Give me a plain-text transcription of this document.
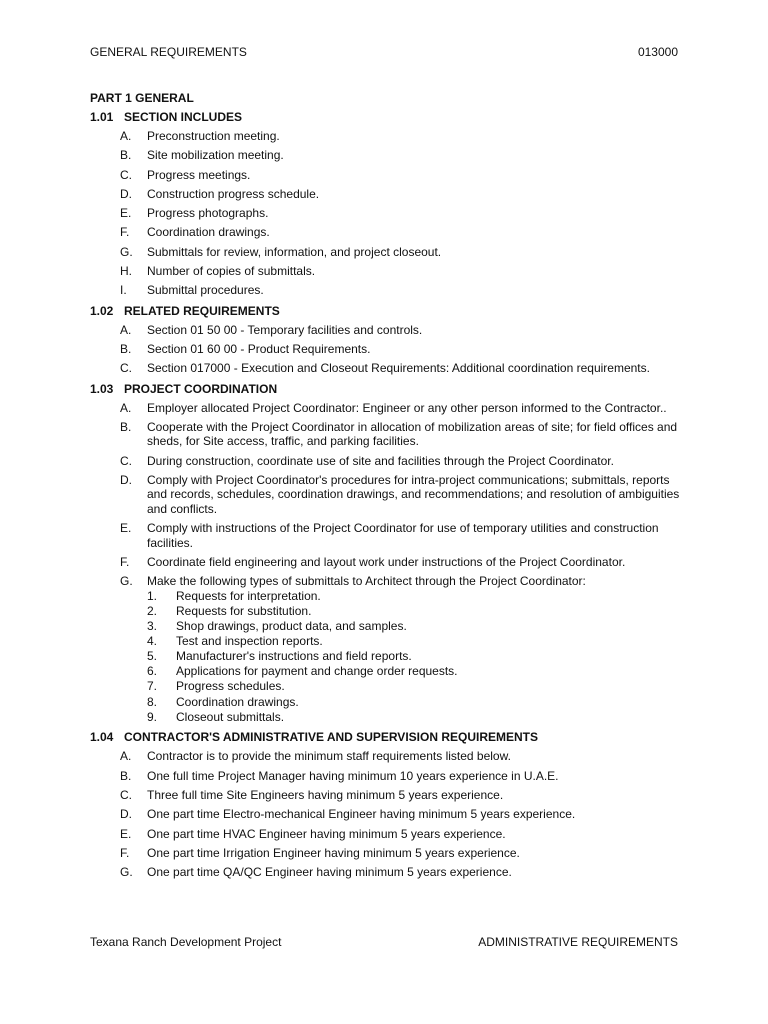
GENERAL REQUIREMENTS	013000
PART 1 GENERAL
1.01 SECTION INCLUDES
A. Preconstruction meeting.
B. Site mobilization meeting.
C. Progress meetings.
D. Construction progress schedule.
E. Progress photographs.
F. Coordination drawings.
G. Submittals for review, information, and project closeout.
H. Number of copies of submittals.
I. Submittal procedures.
1.02 RELATED REQUIREMENTS
A. Section 01 50 00 - Temporary facilities and controls.
B. Section 01 60 00 - Product Requirements.
C. Section 017000 - Execution and Closeout Requirements: Additional coordination requirements.
1.03 PROJECT COORDINATION
A. Employer allocated Project Coordinator: Engineer or any other person informed to the Contractor..
B. Cooperate with the Project Coordinator in allocation of mobilization areas of site; for field offices and sheds, for Site access, traffic, and parking facilities.
C. During construction, coordinate use of site and facilities through the Project Coordinator.
D. Comply with Project Coordinator's procedures for intra-project communications; submittals, reports and records, schedules, coordination drawings, and recommendations; and resolution of ambiguities and conflicts.
E. Comply with instructions of the Project Coordinator for use of temporary utilities and construction facilities.
F. Coordinate field engineering and layout work under instructions of the Project Coordinator.
G. Make the following types of submittals to Architect through the Project Coordinator:
1. Requests for interpretation.
2. Requests for substitution.
3. Shop drawings, product data, and samples.
4. Test and inspection reports.
5. Manufacturer's instructions and field reports.
6. Applications for payment and change order requests.
7. Progress schedules.
8. Coordination drawings.
9. Closeout submittals.
1.04 CONTRACTOR'S ADMINISTRATIVE AND SUPERVISION REQUIREMENTS
A. Contractor is to provide the minimum staff requirements listed below.
B. One full time Project Manager having minimum 10 years experience in U.A.E.
C. Three full time Site Engineers having minimum 5 years experience.
D. One part time Electro-mechanical Engineer having minimum 5 years experience.
E. One part time HVAC Engineer having minimum 5 years experience.
F. One part time Irrigation Engineer having minimum 5 years experience.
G. One part time QA/QC Engineer having minimum 5 years experience.
Texana Ranch Development Project	ADMINISTRATIVE REQUIREMENTS
